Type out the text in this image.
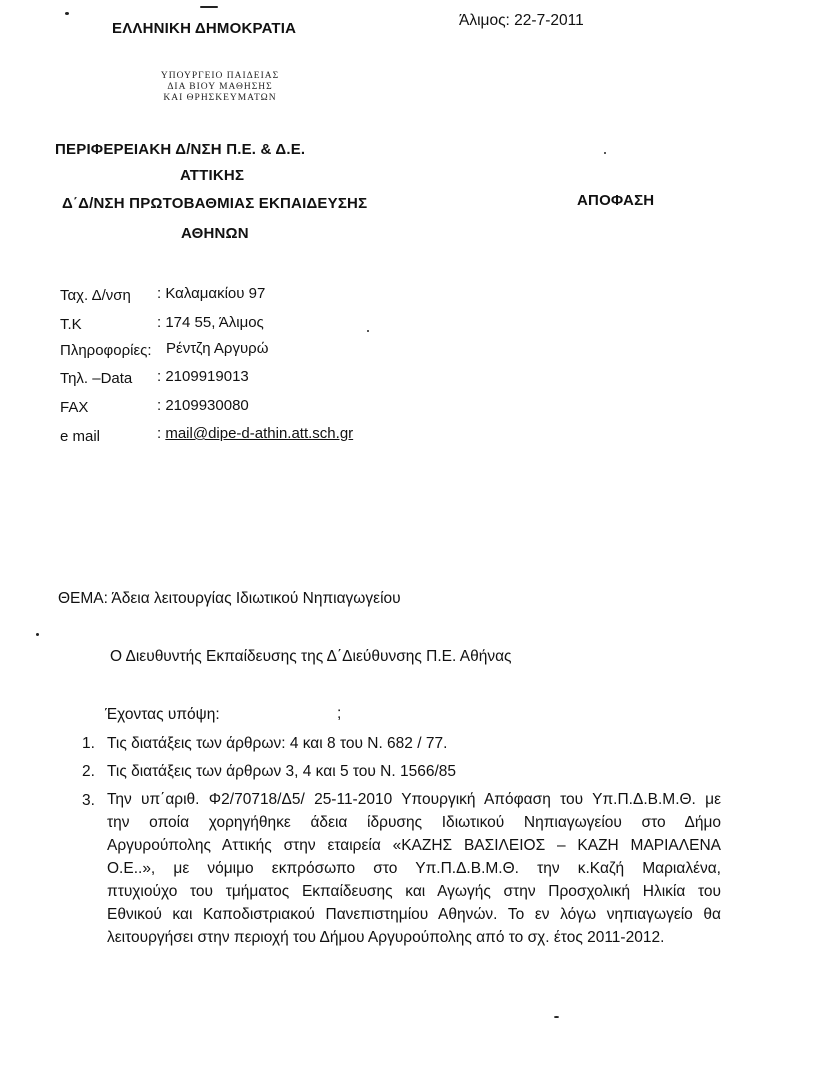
ΕΛΛΗΝΙΚΗ ΔΗΜΟΚΡΑΤΙΑ	Άλιμος: 22-7-2011
ΥΠΟΥΡΓΕΙΟ ΠΑΙΔΕΙΑΣ
ΔΙΑ ΒΙΟΥ ΜΑΘΗΣΗΣ
ΚΑΙ ΘΡΗΣΚΕΥΜΑΤΩΝ
ΠΕΡΙΦΕΡΕΙΑΚΗ Δ/ΝΣΗ Π.Ε. & Δ.Ε.
ΑΤΤΙΚΗΣ
Δ΄Δ/ΝΣΗ ΠΡΩΤΟΒΑΘΜΙΑΣ ΕΚΠΑΙΔΕΥΣΗΣ
ΑΘΗΝΩΝ
ΑΠΟΦΑΣΗ
Ταχ. Δ/νση : Καλαμακίου 97
Τ.Κ	: 174 55, Άλιμος
Πληροφορίες: Ρέντζη Αργυρώ
Τηλ. –Data : 2109919013
FAX	: 2109930080
e mail	: mail@dipe-d-athin.att.sch.gr
ΘΕΜΑ: Άδεια λειτουργίας Ιδιωτικού Νηπιαγωγείου
Ο Διευθυντής Εκπαίδευσης της Δ΄Διεύθυνσης Π.Ε. Αθήνας
Έχοντας υπόψη:	;
1. Τις διατάξεις των άρθρων: 4 και 8 του Ν. 682 / 77.
2. Τις διατάξεις των άρθρων 3, 4 και 5 του Ν. 1566/85
3. Την υπ΄αριθ. Φ2/70718/Δ5/ 25-11-2010 Υπουργική Απόφαση του Υπ.Π.Δ.Β.Μ.Θ. με
την οποία χορηγήθηκε άδεια ίδρυσης Ιδιωτικού Νηπιαγωγείου στο Δήμο
Αργυρούπολης Αττικής στην εταιρεία «ΚΑΖΗΣ ΒΑΣΙΛΕΙΟΣ – ΚΑΖΗ ΜΑΡΙΑΛΕΝΑ
Ο.Ε..», με νόμιμο εκπρόσωπο στο Υπ.Π.Δ.Β.Μ.Θ. την κ.Καζή Μαριαλένα,
πτυχιούχο του τμήματος Εκπαίδευσης και Αγωγής στην Προσχολική Ηλικία του
Εθνικού και Καποδιστριακού Πανεπιστημίου Αθηνών. Το εν λόγω νηπιαγωγείο θα
λειτουργήσει στην περιοχή του Δήμου Αργυρούπολης από το σχ. έτος 2011-2012.
